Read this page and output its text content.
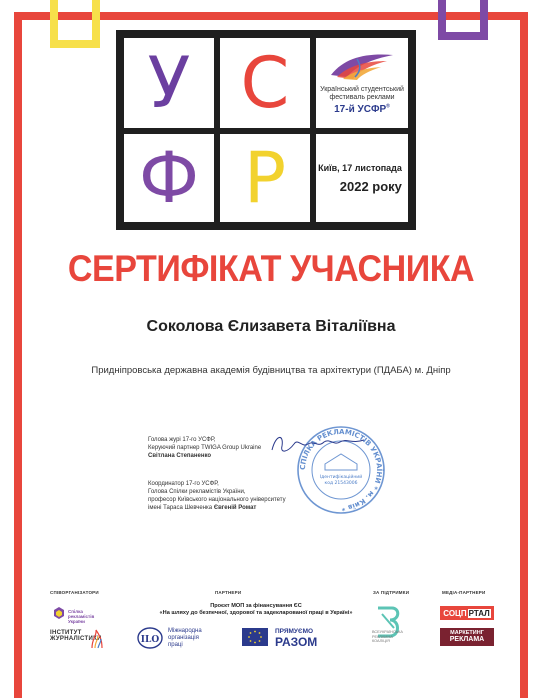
У С	Український студентський
фестиваль реклами
17-й УСФР®
Ф Р	Київ, 17 листопада
2022 року
СЕРТИФІКАТ УЧАСНИКА
Соколова Єлизавета Віталіївна
Придніпровська державна академія будівництва та архітектури (ПДАБА) м. Дніпр
Голова журі 17-го УСФР,
Керуючий партнер TWIGA Group Ukraine
Світлана Степаненко
Координатор 17-го УСФР,
Голова Спілки рекламістів України,
професор Київського національного університету
імені Тараса Шевченка Євгеній Ромат
СПІЛКА РЕКЛАМІСТІВ УКРАЇНИ * м. Київ *
Ідентифікаційний
код 21543006
СПІВОРГАНІЗАТОРИ	ПАРТНЕРИ	ЗА ПІДТРИМКИ	МЕДІА-ПАРТНЕРИ
Проєкт МОП за фінансування ЄС
«На шляху до безпечної, здорової та задекларованої праці в Україні»
Спілка рекламістів України
ІНСТИТУТ ЖУРНАЛІСТИКИ	ILO
Міжнародна
організація
праці
ПРЯМУЄМО
РАЗОМ
ВСЕУКРАЇНСЬКА
РЕКЛАМНА
КОАЛІЦІЯ
СОЦП РТАЛ
МАРКЕТИНГ
РЕКЛАМА
